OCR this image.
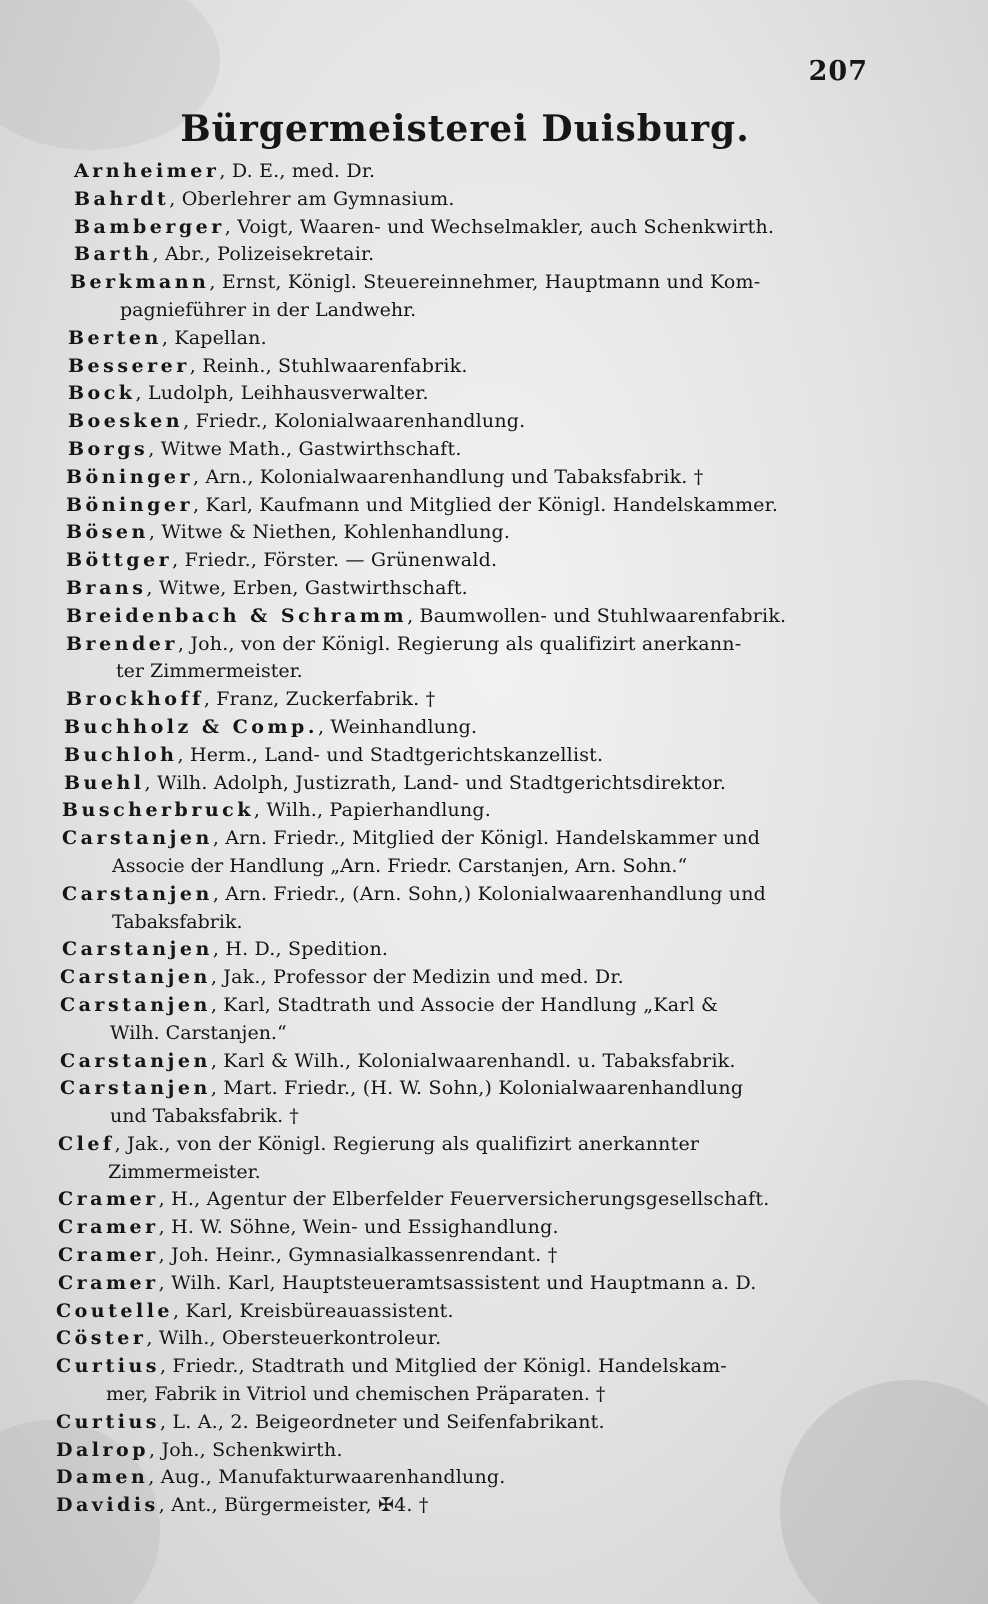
207
Bürgermeisterei Duisburg.
Arnheimer, D. E., med. Dr.
Bahrdt, Oberlehrer am Gymnasium.
Bamberger, Voigt, Waaren- und Wechselmakler, auch Schenkwirth.
Barth, Abr., Polizeisekretair.
Berkmann, Ernst, Königl. Steuereinnehmer, Hauptmann und Kom-
pagnieführer in der Landwehr.
Berten, Kapellan.
Besserer, Reinh., Stuhlwaarenfabrik.
Bock, Ludolph, Leihhausverwalter.
Boesken, Friedr., Kolonialwaarenhandlung.
Borgs, Witwe Math., Gastwirthschaft.
Böninger, Arn., Kolonialwaarenhandlung und Tabaksfabrik. †
Böninger, Karl, Kaufmann und Mitglied der Königl. Handelskammer.
Bösen, Witwe & Niethen, Kohlenhandlung.
Böttger, Friedr., Förster. — Grünenwald.
Brans, Witwe, Erben, Gastwirthschaft.
Breidenbach & Schramm, Baumwollen- und Stuhlwaarenfabrik.
Brender, Joh., von der Königl. Regierung als qualifizirt anerkann-
ter Zimmermeister.
Brockhoff, Franz, Zuckerfabrik. †
Buchholz & Comp., Weinhandlung.
Buchloh, Herm., Land- und Stadtgerichtskanzellist.
Buehl, Wilh. Adolph, Justizrath, Land- und Stadtgerichtsdirektor.
Buscherbruck, Wilh., Papierhandlung.
Carstanjen, Arn. Friedr., Mitglied der Königl. Handelskammer und
Associe der Handlung „Arn. Friedr. Carstanjen, Arn. Sohn.“
Carstanjen, Arn. Friedr., (Arn. Sohn,) Kolonialwaarenhandlung und
Tabaksfabrik.
Carstanjen, H. D., Spedition.
Carstanjen, Jak., Professor der Medizin und med. Dr.
Carstanjen, Karl, Stadtrath und Associe der Handlung „Karl &
Wilh. Carstanjen.“
Carstanjen, Karl & Wilh., Kolonialwaarenhandl. u. Tabaksfabrik.
Carstanjen, Mart. Friedr., (H. W. Sohn,) Kolonialwaarenhandlung
und Tabaksfabrik. †
Clef, Jak., von der Königl. Regierung als qualifizirt anerkannter
Zimmermeister.
Cramer, H., Agentur der Elberfelder Feuerversicherungsgesellschaft.
Cramer, H. W. Söhne, Wein- und Essighandlung.
Cramer, Joh. Heinr., Gymnasialkassenrendant. †
Cramer, Wilh. Karl, Hauptsteueramtsassistent und Hauptmann a. D.
Coutelle, Karl, Kreisbüreauassistent.
Cöster, Wilh., Obersteuerkontroleur.
Curtius, Friedr., Stadtrath und Mitglied der Königl. Handelskam-
mer, Fabrik in Vitriol und chemischen Präparaten. †
Curtius, L. A., 2. Beigeordneter und Seifenfabrikant.
Dalrop, Joh., Schenkwirth.
Damen, Aug., Manufakturwaarenhandlung.
Davidis, Ant., Bürgermeister, ✠4. †
